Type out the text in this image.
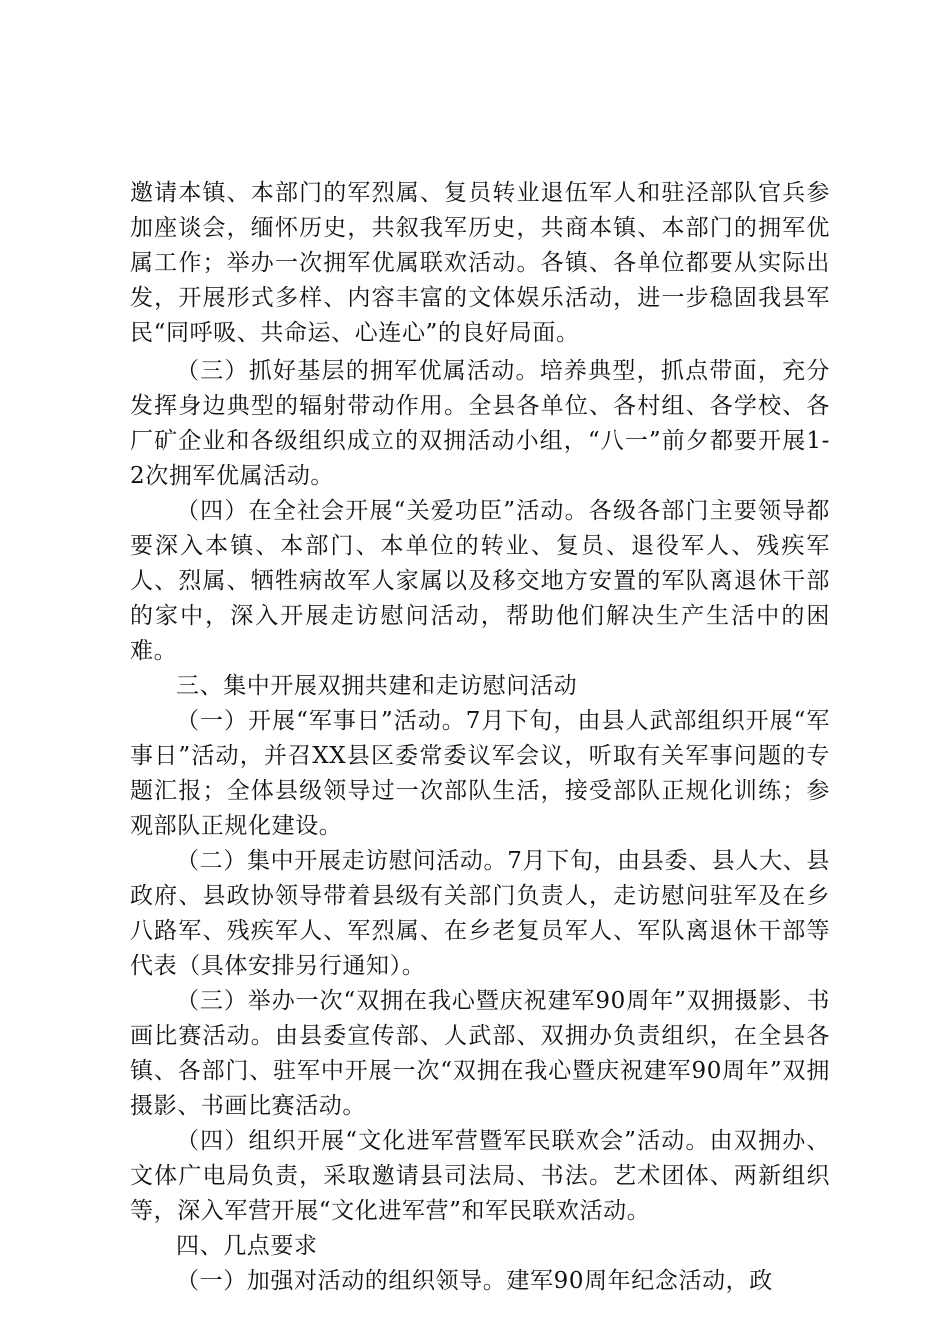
邀请本镇、本部门的军烈属、复员转业退伍军人和驻泾部队官兵参加座谈会，缅怀历史，共叙我军历史，共商本镇、本部门的拥军优属工作；举办一次拥军优属联欢活动。各镇、各单位都要从实际出发，开展形式多样、内容丰富的文体娱乐活动，进一步稳固我县军民“同呼吸、共命运、心连心”的良好局面。

（三）抓好基层的拥军优属活动。培养典型，抓点带面，充分发挥身边典型的辐射带动作用。全县各单位、各村组、各学校、各厂矿企业和各级组织成立的双拥活动小组，“八一”前夕都要开展1-2次拥军优属活动。

（四）在全社会开展“关爱功臣”活动。各级各部门主要领导都要深入本镇、本部门、本单位的转业、复员、退役军人、残疾军人、烈属、牺牲病故军人家属以及移交地方安置的军队离退休干部的家中，深入开展走访慰问活动，帮助他们解决生产生活中的困难。

三、集中开展双拥共建和走访慰问活动

（一）开展“军事日”活动。7月下旬，由县人武部组织开展“军事日”活动，并召XX县区委常委议军会议，听取有关军事问题的专题汇报；全体县级领导过一次部队生活，接受部队正规化训练；参观部队正规化建设。

（二）集中开展走访慰问活动。7月下旬，由县委、县人大、县政府、县政协领导带着县级有关部门负责人，走访慰问驻军及在乡八路军、残疾军人、军烈属、在乡老复员军人、军队离退休干部等代表（具体安排另行通知）。

（三）举办一次“双拥在我心暨庆祝建军90周年”双拥摄影、书画比赛活动。由县委宣传部、人武部、双拥办负责组织，在全县各镇、各部门、驻军中开展一次“双拥在我心暨庆祝建军90周年”双拥摄影、书画比赛活动。

（四）组织开展“文化进军营暨军民联欢会”活动。由双拥办、文体广电局负责，采取邀请县司法局、书法。艺术团体、两新组织等，深入军营开展“文化进军营”和军民联欢活动。

四、几点要求

（一）加强对活动的组织领导。建军90周年纪念活动，政
